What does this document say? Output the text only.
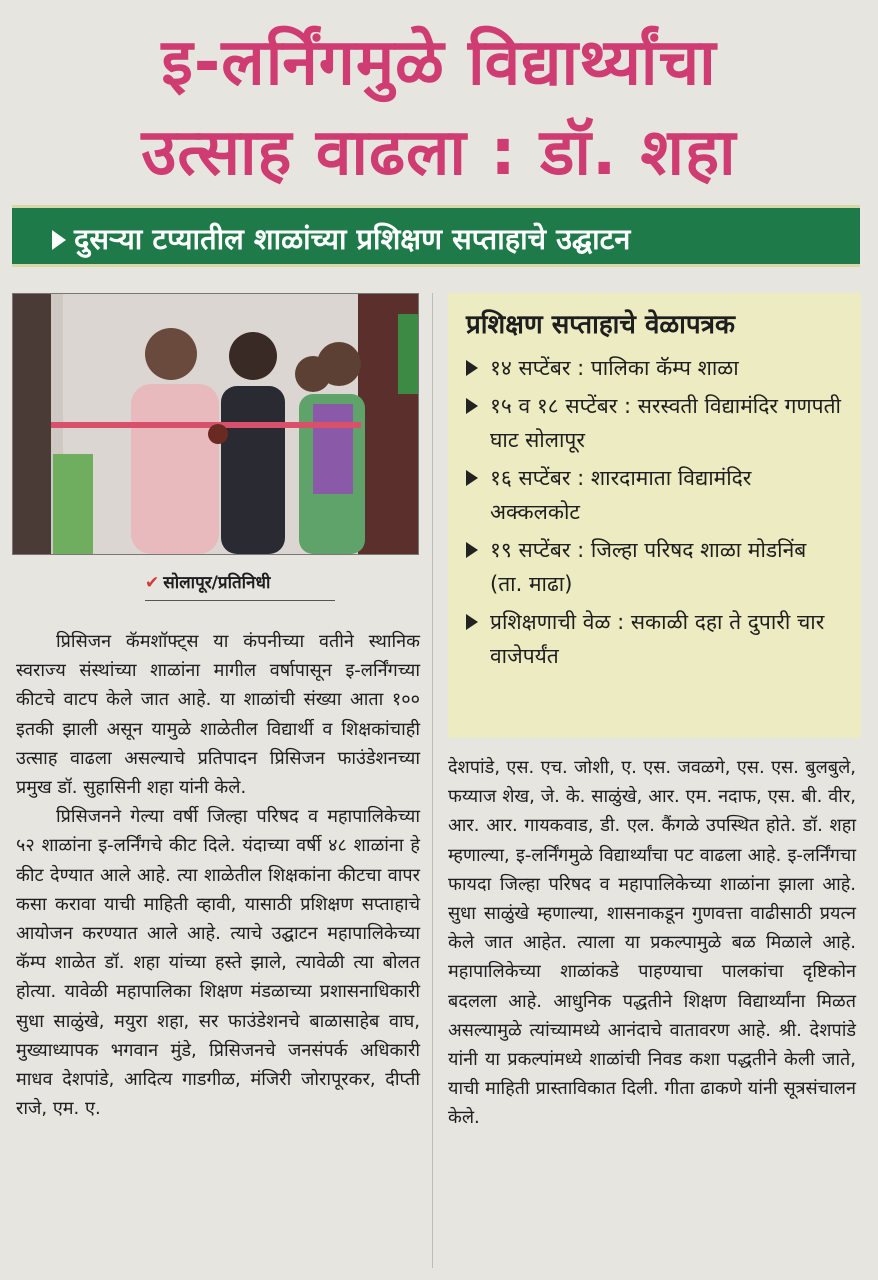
इ-लर्निंगमुळे विद्यार्थ्यांचा
उत्साह वाढला : डॉ. शहा
दुसऱ्या टप्यातील शाळांच्या प्रशिक्षण सप्ताहाचे उद्घाटन
✔ सोलापूर/प्रतिनिधी

प्रिसिजन कॅमशॉफ्ट्स या कंपनीच्या वतीने स्थानिक स्वराज्य संस्थांच्या शाळांना मागील वर्षापासून इ-लर्निंगच्या कीटचे वाटप केले जात आहे. या शाळांची संख्या आता १०० इतकी झाली असून यामुळे शाळेतील विद्यार्थी व शिक्षकांचाही उत्साह वाढला असल्याचे प्रतिपादन प्रिसिजन फाउंडेशनच्या प्रमुख डॉ. सुहासिनी शहा यांनी केले.

प्रिसिजनने गेल्या वर्षी जिल्हा परिषद व महापालिकेच्या ५२ शाळांना इ-लर्निंगचे कीट दिले. यंदाच्या वर्षी ४८ शाळांना हे कीट देण्यात आले आहे. त्या शाळेतील शिक्षकांना कीटचा वापर कसा करावा याची माहिती व्हावी, यासाठी प्रशिक्षण सप्ताहाचे आयोजन करण्यात आले आहे. त्याचे उद्घाटन महापालिकेच्या कॅम्प शाळेत डॉ. शहा यांच्या हस्ते झाले, त्यावेळी त्या बोलत होत्या. यावेळी महापालिका शिक्षण मंडळाच्या प्रशासनाधिकारी सुधा साळुंखे, मयुरा शहा, सर फाउंडेशनचे बाळासाहेब वाघ, मुख्याध्यापक भगवान मुंडे, प्रिसिजनचे जनसंपर्क अधिकारी माधव देशपांडे, आदित्य गाडगीळ, मंजिरी जोरापूरकर, दीप्ती राजे, एम. ए.

प्रशिक्षण सप्ताहाचे वेळापत्रक
१४ सप्टेंबर : पालिका कॅम्प शाळा
१५ व १८ सप्टेंबर : सरस्वती विद्यामंदिर गणपती घाट सोलापूर
१६ सप्टेंबर : शारदामाता विद्यामंदिर अक्कलकोट
१९ सप्टेंबर : जिल्हा परिषद शाळा मोडनिंब (ता. माढा)
प्रशिक्षणाची वेळ : सकाळी दहा ते दुपारी चार वाजेपर्यंत

देशपांडे, एस. एच. जोशी, ए. एस. जवळगे, एस. एस. बुलबुले, फय्याज शेख, जे. के. साळुंखे, आर. एम. नदाफ, एस. बी. वीर, आर. आर. गायकवाड, डी. एल. कैंगळे उपस्थित होते. डॉ. शहा म्हणाल्या, इ-लर्निंगमुळे विद्यार्थ्यांचा पट वाढला आहे. इ-लर्निंगचा फायदा जिल्हा परिषद व महापालिकेच्या शाळांना झाला आहे. सुधा साळुंखे म्हणाल्या, शासनाकडून गुणवत्ता वाढीसाठी प्रयत्न केले जात आहेत. त्याला या प्रकल्पामुळे बळ मिळाले आहे. महापालिकेच्या शाळांकडे पाहण्याचा पालकांचा दृष्टिकोन बदलला आहे. आधुनिक पद्धतीने शिक्षण विद्यार्थ्यांना मिळत असल्यामुळे त्यांच्यामध्ये आनंदाचे वातावरण आहे. श्री. देशपांडे यांनी या प्रकल्पांमध्ये शाळांची निवड कशा पद्धतीने केली जाते, याची माहिती प्रास्ताविकात दिली. गीता ढाकणे यांनी सूत्रसंचालन केले.
